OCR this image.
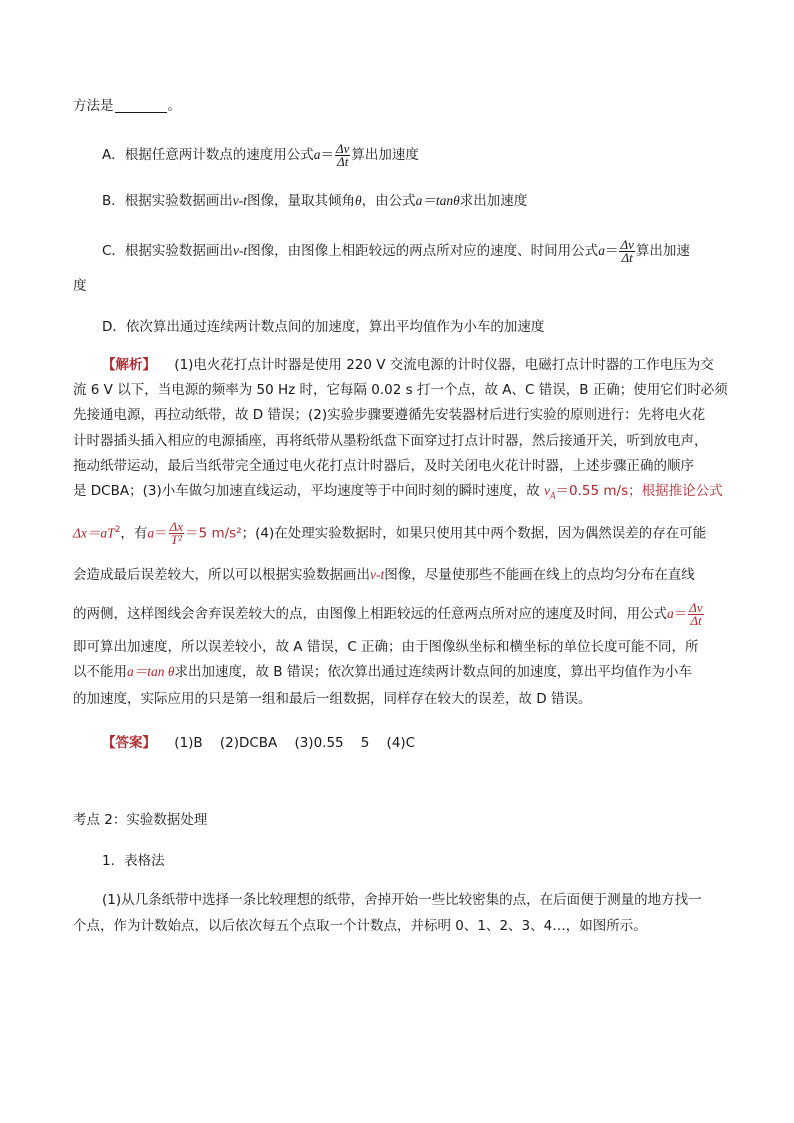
方法是	。
A．根据任意两计数点的速度用公式$a= \frac{\Delta v}{\Delta t}$ 算出加速度
B．根据实验数据画出v-t图像，量取其倾角θ，由公式a＝tanθ求出加速度
C．根据实验数据画出v-t图像，由图像上相距较远的两点所对应的速度、时间用公式$a= \frac{\Delta v}{\Delta t}$ 算出加速
度
D．依次算出通过连续两计数点间的加速度，算出平均值作为小车的加速度
【解析】 (1)电火花打点计时器是使用 220 V 交流电源的计时仪器，电磁打点计时器的工作电压为交
流 6 V 以下，当电源的频率为 50 Hz 时，它每隔 0.02 s 打一个点，故 A、C 错误，B 正确；使用它们时必须
先接通电源，再拉动纸带，故 D 错误；(2)实验步骤要遵循先安装器材后进行实验的原则进行：先将电火花
计时器插头插入相应的电源插座，再将纸带从墨粉纸盘下面穿过打点计时器，然后接通开关，听到放电声，
拖动纸带运动，最后当纸带完全通过电火花打点计时器后，及时关闭电火花计时器，上述步骤正确的顺序
是 DCBA；(3)小车做匀加速直线运动，平均速度等于中间时刻的瞬时速度，故 $v_A=0.55$ m/s；根据推论公式
$\Delta x=aT^2$，有$a= \frac{\Delta x}{\text{T²}} =5$ m/s²；(4)在处理实验数据时，如果只使用其中两个数据，因为偶然误差的存在可能
会造成最后误差较大，所以可以根据实验数据画出v-t图像，尽量使那些不能画在线上的点均匀分布在直线
的两侧，这样图线会舍弃误差较大的点，由图像上相距较远的任意两点所对应的速度及时间，用公式$a= \frac{\Delta v}{\Delta t}$
即可算出加速度，所以误差较小，故 A 错误，C 正确；由于图像纵坐标和横坐标的单位长度可能不同，所
以不能用a＝tan θ求出加速度，故 B 错误；依次算出通过连续两计数点间的加速度，算出平均值作为小车
的加速度，实际应用的只是第一组和最后一组数据，同样存在较大的误差，故 D 错误。
【答案】 (1)B    (2)DCBA    (3)0.55    5    (4)C
考点 2：实验数据处理
1．表格法
(1)从几条纸带中选择一条比较理想的纸带，舍掉开始一些比较密集的点，在后面便于测量的地方找一
个点，作为计数始点，以后依次每五个点取一个计数点，并标明 0、1、2、3、4…，如图所示。
